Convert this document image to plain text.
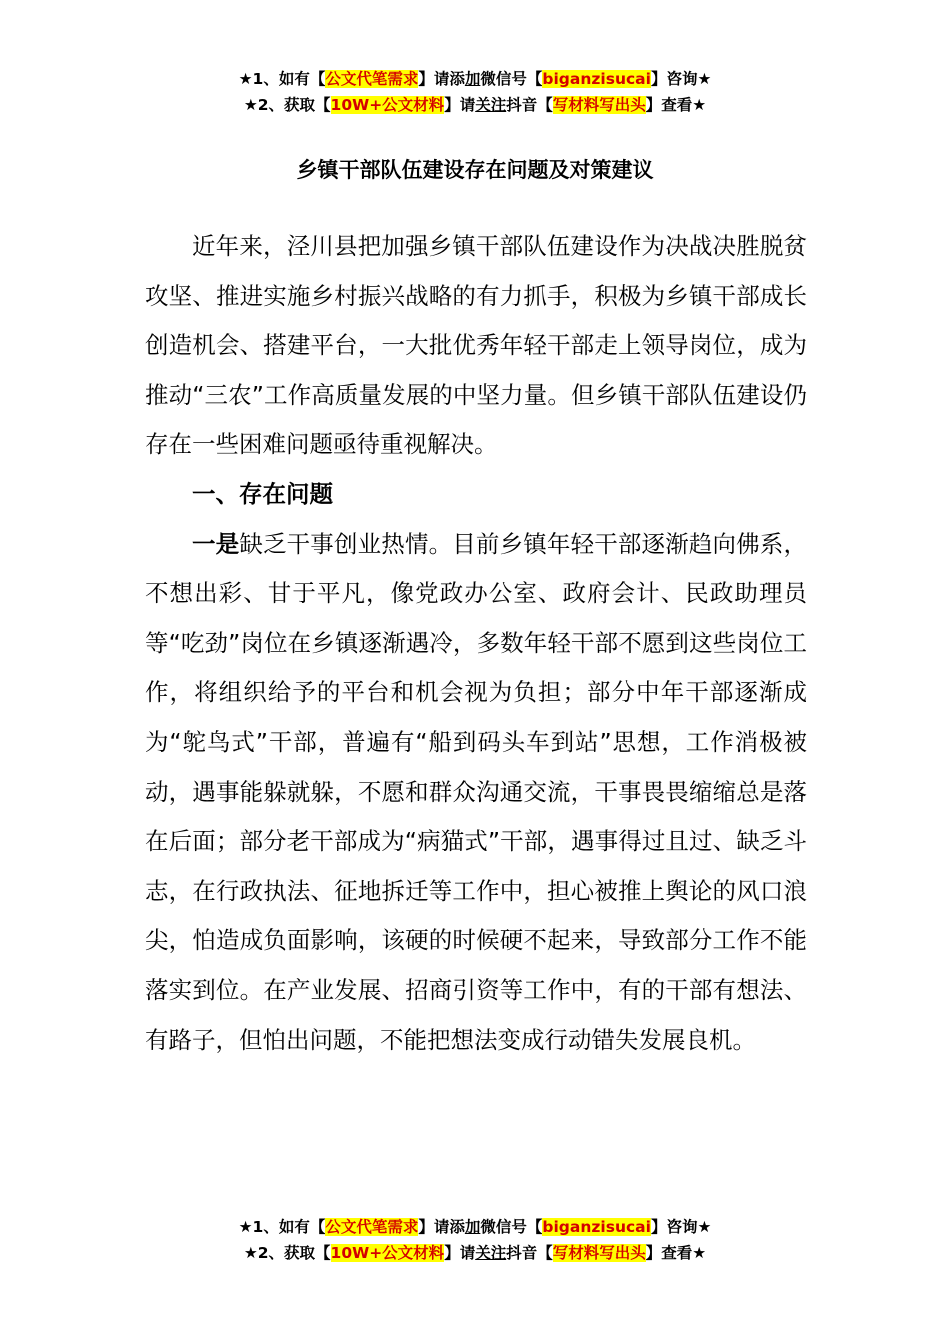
★1、如有【公文代笔需求】请添加微信号【biganzisucai】咨询★
★2、获取【10W+公文材料】请关注抖音【写材料写出头】查看★
乡镇干部队伍建设存在问题及对策建议

近年来，泾川县把加强乡镇干部队伍建设作为决战决胜脱贫攻坚、推进实施乡村振兴战略的有力抓手，积极为乡镇干部成长创造机会、搭建平台，一大批优秀年轻干部走上领导岗位，成为推动“三农”工作高质量发展的中坚力量。但乡镇干部队伍建设仍存在一些困难问题亟待重视解决。

一、存在问题

一是缺乏干事创业热情。目前乡镇年轻干部逐渐趋向佛系，不想出彩、甘于平凡，像党政办公室、政府会计、民政助理员等“吃劲”岗位在乡镇逐渐遇冷，多数年轻干部不愿到这些岗位工作，将组织给予的平台和机会视为负担；部分中年干部逐渐成为“鸵鸟式”干部，普遍有“船到码头车到站”思想，工作消极被动，遇事能躲就躲，不愿和群众沟通交流，干事畏畏缩缩总是落在后面；部分老干部成为“病猫式”干部，遇事得过且过、缺乏斗志，在行政执法、征地拆迁等工作中，担心被推上舆论的风口浪尖，怕造成负面影响，该硬的时候硬不起来，导致部分工作不能落实到位。在产业发展、招商引资等工作中，有的干部有想法、有路子，但怕出问题，不能把想法变成行动错失发展良机。

★1、如有【公文代笔需求】请添加微信号【biganzisucai】咨询★
★2、获取【10W+公文材料】请关注抖音【写材料写出头】查看★
